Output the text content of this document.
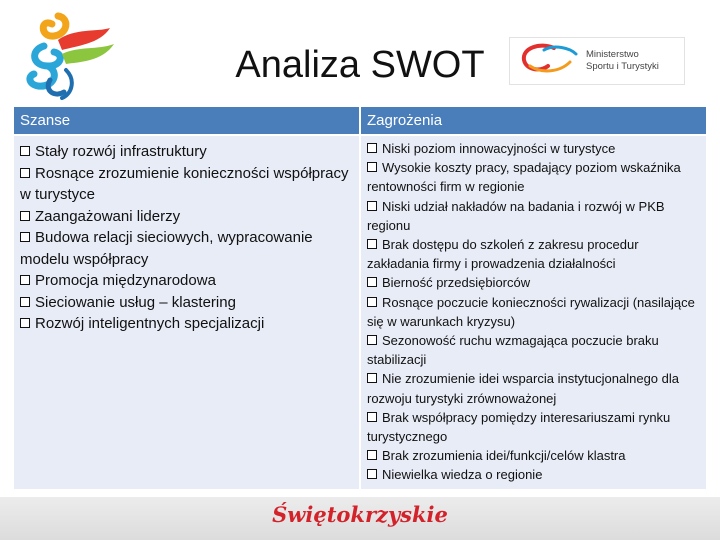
Analiza SWOT	Ministerstwo
Sportu i Turystyki
Szanse
Stały rozwój infrastruktury
Rosnące zrozumienie konieczności współpracy w turystyce
Zaangażowani liderzy
Budowa relacji sieciowych, wypracowanie modelu współpracy
Promocja międzynarodowa
Sieciowanie usług – klastering
Rozwój inteligentnych specjalizacji
Zagrożenia
Niski poziom innowacyjności w turystyce
Wysokie koszty pracy, spadający poziom wskaźnika rentowności firm w regionie
Niski udział nakładów na badania i rozwój w PKB regionu
Brak dostępu do szkoleń z zakresu procedur zakładania firmy i prowadzenia działalności
Bierność przedsiębiorców
Rosnące poczucie konieczności rywalizacji (nasilające się w warunkach kryzysu)
Sezonowość ruchu wzmagająca poczucie braku stabilizacji
Nie zrozumienie idei wsparcia instytucjonalnego dla rozwoju turystyki zrównoważonej
Brak współpracy pomiędzy interesariuszami rynku turystycznego
Brak zrozumienia idei/funkcji/celów klastra
Niewielka wiedza o regionie
Świętokrzyskie
